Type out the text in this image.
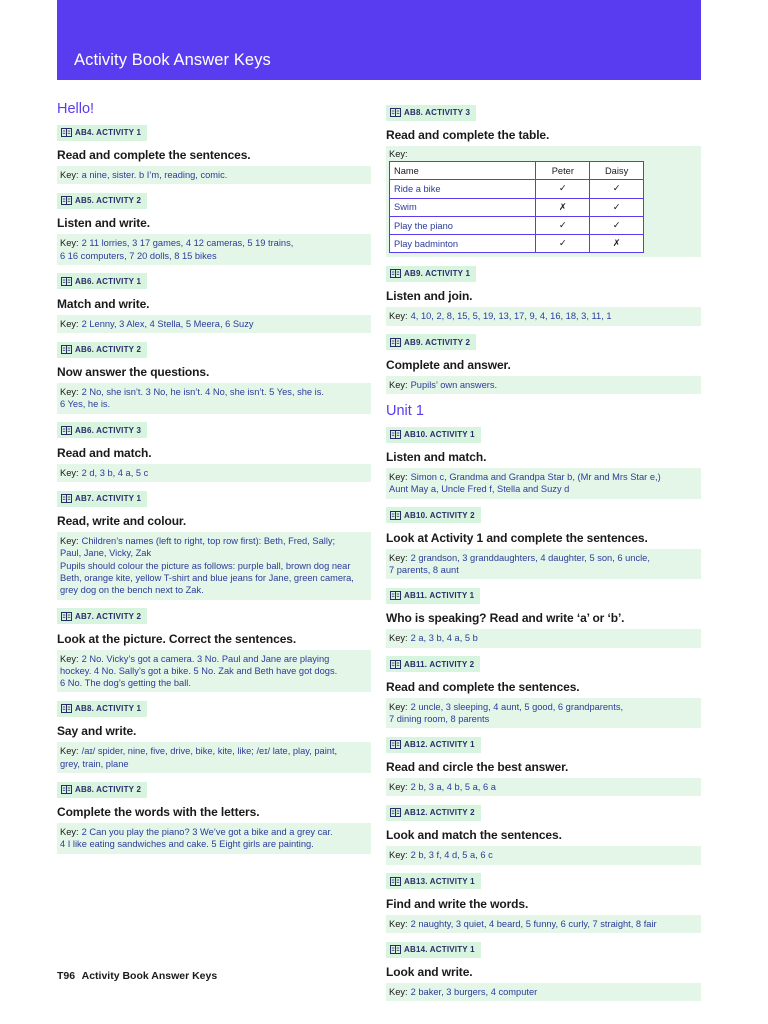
Activity Book Answer Keys
Hello!
AB4. ACTIVITY 1
Read and complete the sentences.
Key: a nine, sister. b I’m, reading, comic.
AB5. ACTIVITY 2
Listen and write.
Key: 2 11 lorries, 3 17 games, 4 12 cameras, 5 19 trains,
6 16 computers, 7 20 dolls, 8 15 bikes
AB6. ACTIVITY 1
Match and write.
Key: 2 Lenny, 3 Alex, 4 Stella, 5 Meera, 6 Suzy
AB6. ACTIVITY 2
Now answer the questions.
Key: 2 No, she isn’t. 3 No, he isn’t. 4 No, she isn’t. 5 Yes, she is.
6 Yes, he is.
AB6. ACTIVITY 3
Read and match.
Key: 2 d, 3 b, 4 a, 5 c
AB7. ACTIVITY 1
Read, write and colour.
Key: Children’s names (left to right, top row first): Beth, Fred, Sally;
Paul, Jane, Vicky, Zak
Pupils should colour the picture as follows: purple ball, brown dog near
Beth, orange kite, yellow T-shirt and blue jeans for Jane, green camera,
grey dog on the bench next to Zak.
AB7. ACTIVITY 2
Look at the picture. Correct the sentences.
Key: 2 No. Vicky’s got a camera. 3 No. Paul and Jane are playing
hockey. 4 No. Sally’s got a bike. 5 No. Zak and Beth have got dogs.
6 No. The dog’s getting the ball.
AB8. ACTIVITY 1
Say and write.
Key: /aɪ/ spider, nine, five, drive, bike, kite, like; /eɪ/ late, play, paint,
grey, train, plane
AB8. ACTIVITY 2
Complete the words with the letters.
Key: 2 Can you play the piano? 3 We’ve got a bike and a grey car.
4 I like eating sandwiches and cake. 5 Eight girls are painting.
AB8. ACTIVITY 3
Read and complete the table.
Key:
Name	Peter	Daisy
Ride a bike	✓	✓
Swim	✗	✓
Play the piano	✓	✓
Play badminton	✓	✗
AB9. ACTIVITY 1
Listen and join.
Key: 4, 10, 2, 8, 15, 5, 19, 13, 17, 9, 4, 16, 18, 3, 11, 1
AB9. ACTIVITY 2
Complete and answer.
Key: Pupils’ own answers.
Unit 1
AB10. ACTIVITY 1
Listen and match.
Key: Simon c, Grandma and Grandpa Star b, (Mr and Mrs Star e,)
Aunt May a, Uncle Fred f, Stella and Suzy d
AB10. ACTIVITY 2
Look at Activity 1 and complete the sentences.
Key: 2 grandson, 3 granddaughters, 4 daughter, 5 son, 6 uncle,
7 parents, 8 aunt
AB11. ACTIVITY 1
Who is speaking? Read and write ‘a’ or ‘b’.
Key: 2 a, 3 b, 4 a, 5 b
AB11. ACTIVITY 2
Read and complete the sentences.
Key: 2 uncle, 3 sleeping, 4 aunt, 5 good, 6 grandparents,
7 dining room, 8 parents
AB12. ACTIVITY 1
Read and circle the best answer.
Key: 2 b, 3 a, 4 b, 5 a, 6 a
AB12. ACTIVITY 2
Look and match the sentences.
Key: 2 b, 3 f, 4 d, 5 a, 6 c
AB13. ACTIVITY 1
Find and write the words.
Key: 2 naughty, 3 quiet, 4 beard, 5 funny, 6 curly, 7 straight, 8 fair
AB14. ACTIVITY 1
Look and write.
Key: 2 baker, 3 burgers, 4 computer
T96 Activity Book Answer Keys
